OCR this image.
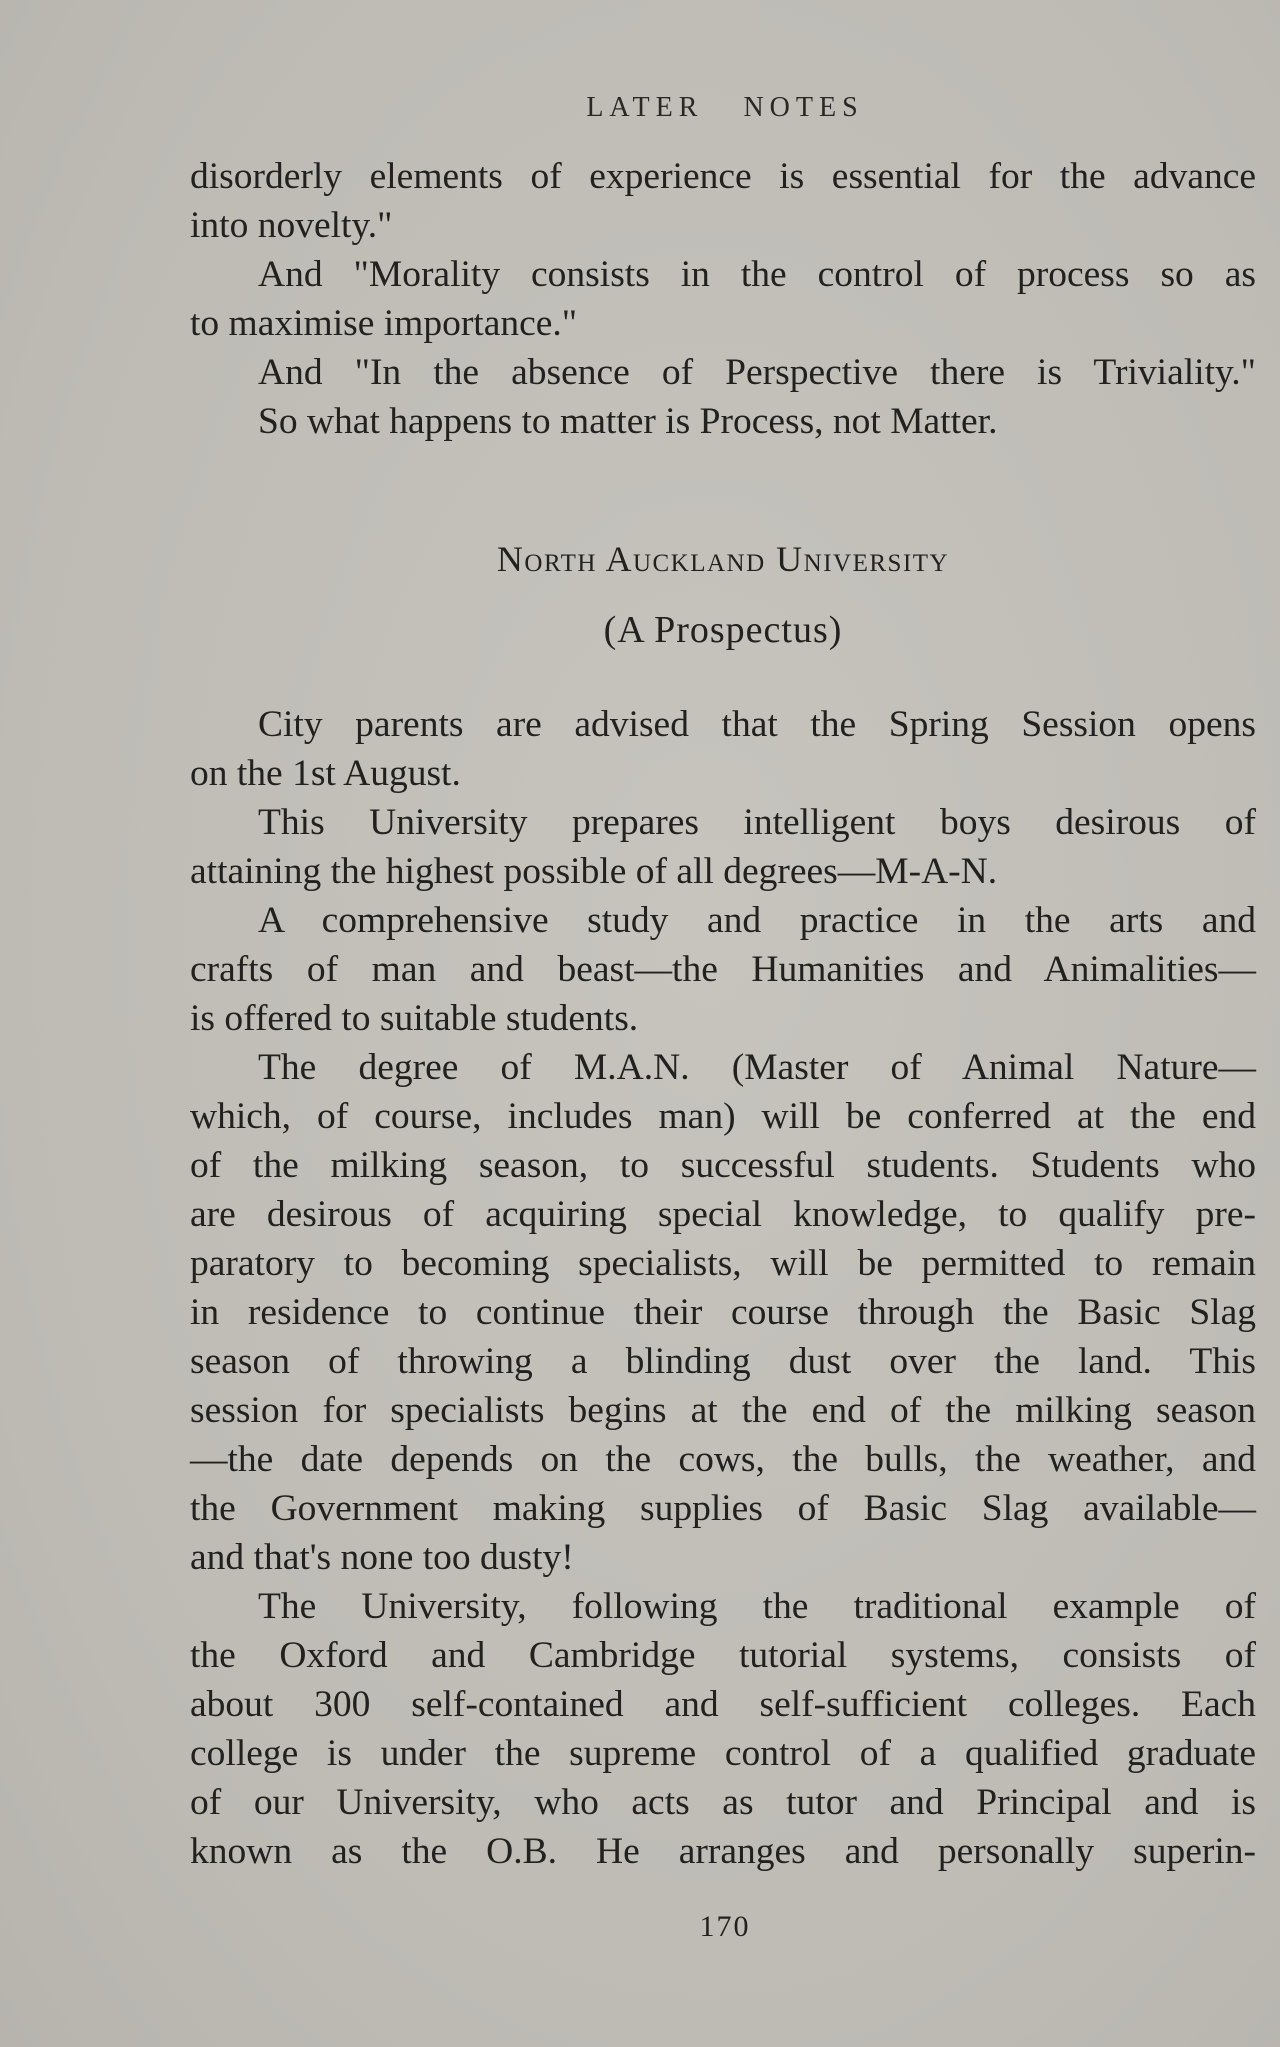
LATER NOTES
disorderly elements of experience is essential for the advance
into novelty."
And "Morality consists in the control of process so as
to maximise importance."
And "In the absence of Perspective there is Triviality."
So what happens to matter is Process, not Matter.
North Auckland University
(A Prospectus)
City parents are advised that the Spring Session opens
on the 1st August.
This University prepares intelligent boys desirous of
attaining the highest possible of all degrees—M-A-N.
A comprehensive study and practice in the arts and
crafts of man and beast—the Humanities and Animalities—
is offered to suitable students.
The degree of M.A.N. (Master of Animal Nature—
which, of course, includes man) will be conferred at the end
of the milking season, to successful students. Students who
are desirous of acquiring special knowledge, to qualify pre-
paratory to becoming specialists, will be permitted to remain
in residence to continue their course through the Basic Slag
season of throwing a blinding dust over the land. This
session for specialists begins at the end of the milking season
—the date depends on the cows, the bulls, the weather, and
the Government making supplies of Basic Slag available—
and that's none too dusty!
The University, following the traditional example of
the Oxford and Cambridge tutorial systems, consists of
about 300 self-contained and self-sufficient colleges. Each
college is under the supreme control of a qualified graduate
of our University, who acts as tutor and Principal and is
known as the O.B. He arranges and personally superin-
170
